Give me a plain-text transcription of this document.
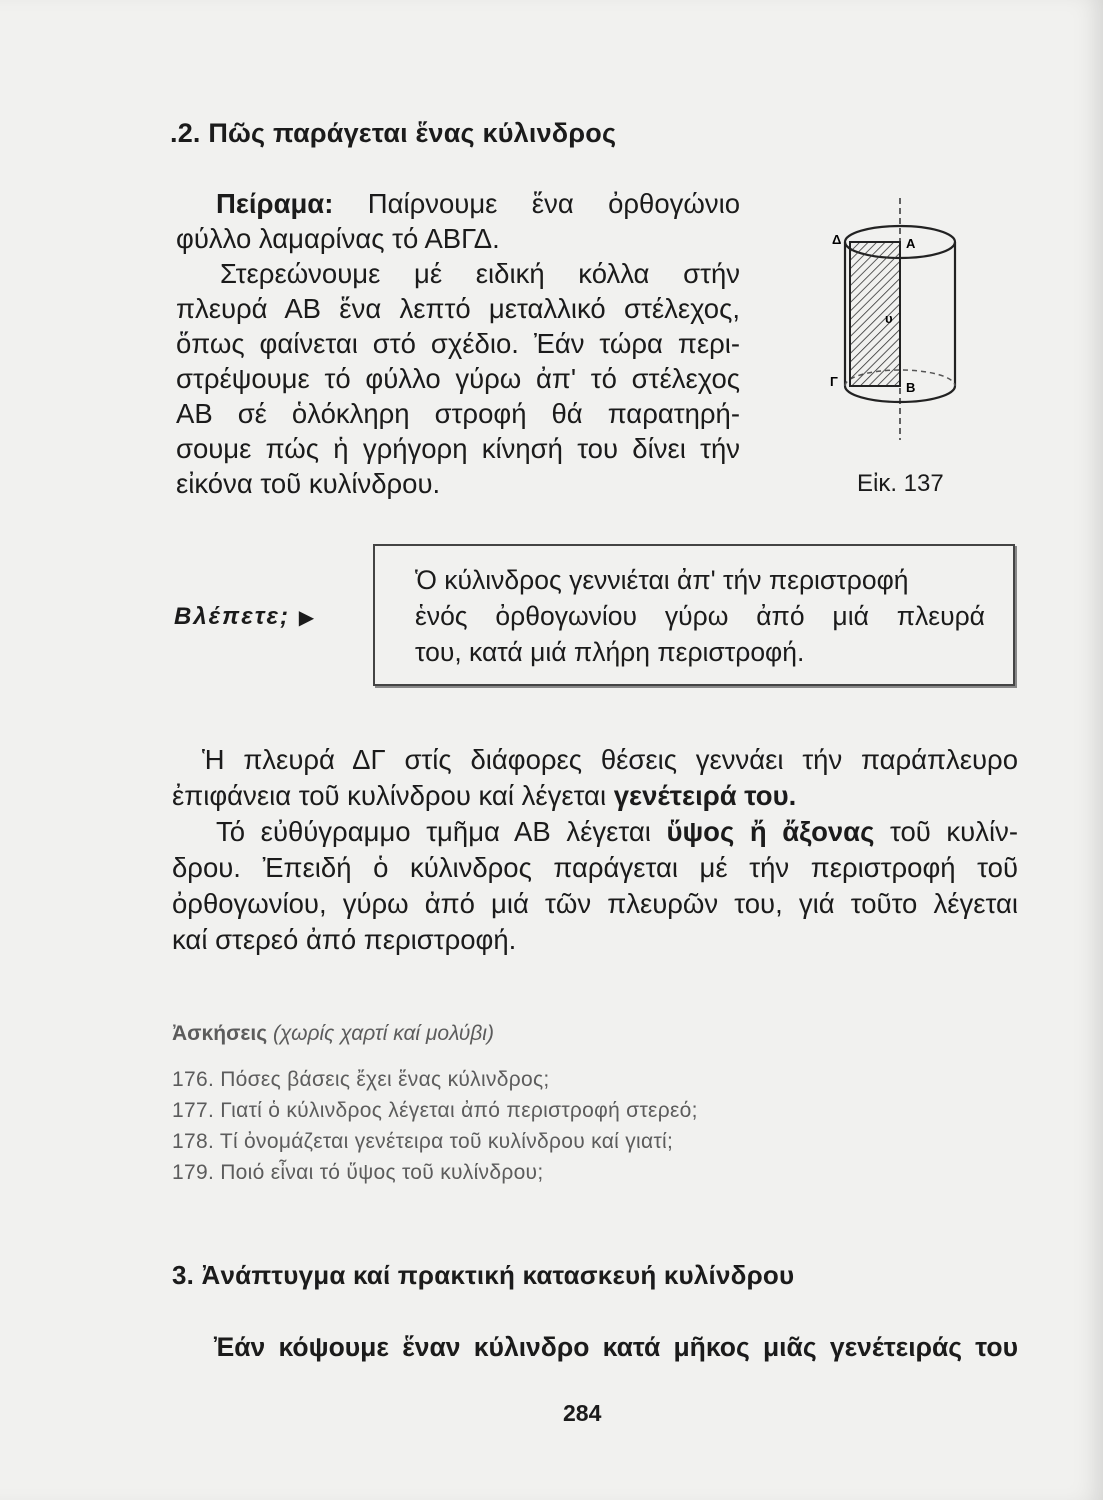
.2. Πῶς παράγεται ἕνας κύλινδρος
Πείραμα: Παίρνουμε ἕνα ὀρθογώνιο
φύλλο λαμαρίνας τό ΑΒΓΔ.
Στερεώνουμε μέ ειδική κόλλα στήν
πλευρά ΑΒ ἕνα λεπτό μεταλλικό στέλεχος,
ὅπως φαίνεται στό σχέδιο. Ἐάν τώρα περι-
στρέψουμε τό φύλλο γύρω ἀπ' τό στέλεχος
ΑΒ σέ ὁλόκληρη στροφή θά παρατηρή-
σουμε πώς ἡ γρήγορη κίνησή του δίνει τήν
εἰκόνα τοῦ κυλίνδρου.
Δ	Α
υ
Γ	Β
Εἰκ. 137
Βλέπετε; ▶
Ὁ κύλινδρος γεννιέται ἀπ' τήν περιστροφή
ἑνός ὀρθογωνίου γύρω ἀπό μιά πλευρά
του, κατά μιά πλήρη περιστροφή.
Ἡ πλευρά ΔΓ στίς διάφορες θέσεις γεννάει τήν παράπλευρο
ἐπιφάνεια τοῦ κυλίνδρου καί λέγεται γενέτειρά του.
Τό εὐθύγραμμο τμῆμα ΑΒ λέγεται ὕψος ἤ ἄξονας τοῦ κυλίν-
δρου. Ἐπειδή ὁ κύλινδρος παράγεται μέ τήν περιστροφή τοῦ
ὀρθογωνίου, γύρω ἀπό μιά τῶν πλευρῶν του, γιά τοῦτο λέγεται
καί στερεό ἀπό περιστροφή.
Ἀσκήσεις (χωρίς χαρτί καί μολύβι)
176. Πόσες βάσεις ἔχει ἕνας κύλινδρος;
177. Γιατί ὁ κύλινδρος λέγεται ἀπό περιστροφή στερεό;
178. Τί ὀνομάζεται γενέτειρα τοῦ κυλίνδρου καί γιατί;
179. Ποιό εἶναι τό ὕψος τοῦ κυλίνδρου;
3. Ἀνάπτυγμα καί πρακτική κατασκευή κυλίνδρου
Ἐάν κόψουμε ἕναν κύλινδρο κατά μῆκος μιᾶς γενέτειράς του
284
